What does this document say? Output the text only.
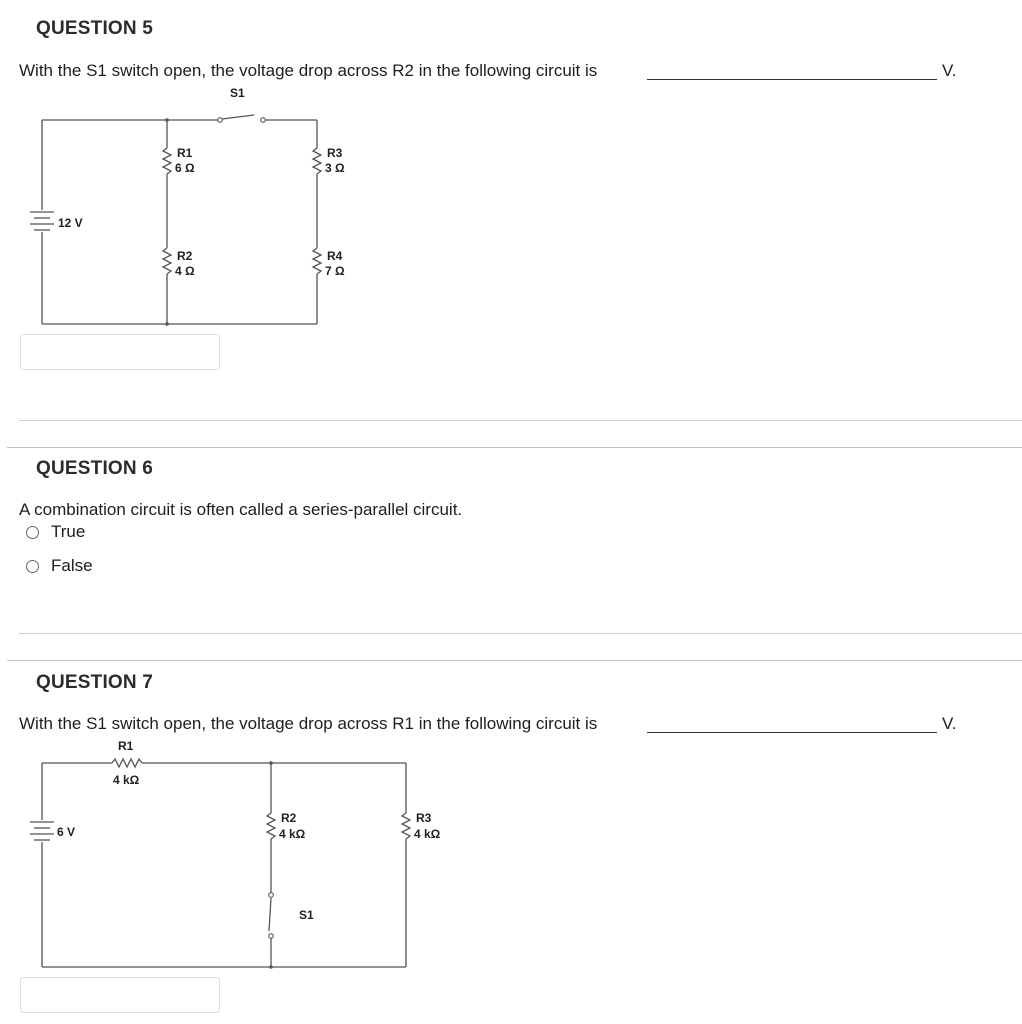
QUESTION 5
With the S1 switch open, the voltage drop across R2 in the following circuit is	V.
S1
12 V
R1
6 Ω
R2
4 Ω
R3
3 Ω
R4
7 Ω
QUESTION 6
A combination circuit is often called a series-parallel circuit.
True
False
QUESTION 7
With the S1 switch open, the voltage drop across R1 in the following circuit is	V.
R1
4 kΩ
6 V
R2
4 kΩ
S1
R3
4 kΩ
